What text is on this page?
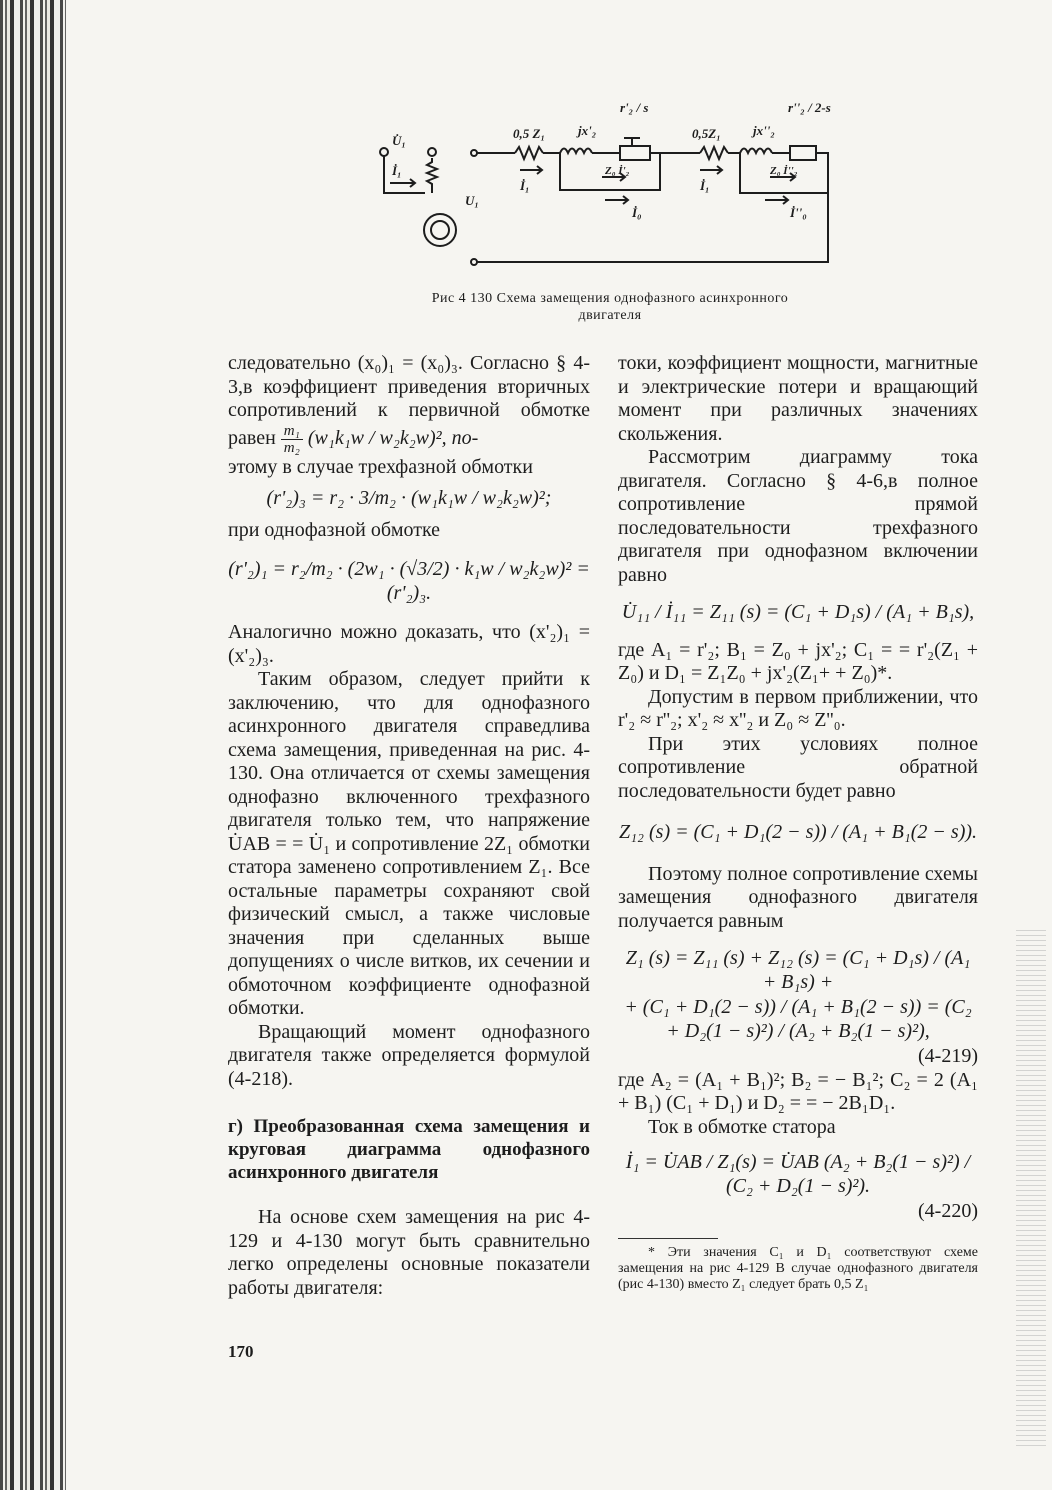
U̇₁
İ₁
U₁
0,5 Z₁	jx'₂
r'₂ / s
Z₀ İ'₂
İ₁
İ₀
0,5Z₁ jx''₂
r''₂ / 2-s
Z₀ İ''₂
İ₁
İ''₀
Рис 4 130 Схема замещения однофазного асинхронного
двигателя

следовательно (x₀)₁ = (x₀)₃. Согласно § 4-3,в коэффициент приведения вторичных сопротивлений к первичной обмотке равен $\frac{\text{m₁}}{\text{m₂}} (w_1k_1w / w_2k_2w)^2$, по-

этому в случае трехфазной обмотки

(r'₂)₃ = r₂ · 3/m₂ · (w₁k₁w / w₂k₂w)²;

при однофазной обмотке

(r'₂)₁ = r₂/m₂ · (2w₁ · (√3/2) · k₁w / w₂k₂w)² = (r'₂)₃.

Аналогично можно доказать, что (x'₂)₁ = (x'₂)₃.

Таким образом, следует прийти к заключению, что для однофазного асинхронного двигателя справедлива схема замещения, приведенная на рис. 4-130. Она отличается от схемы замещения однофазно включенного трехфазного двигателя только тем, что напряжение U̇AB = = U̇₁ и сопротивление 2Z₁ обмотки статора заменено сопротивлением Z₁. Все остальные параметры сохраняют свой физический смысл, а также числовые значения при сделанных выше допущениях о числе витков, их сечении и обмоточном коэффициенте однофазной обмотки.

Вращающий момент однофазного двигателя также определяется формулой (4-218).

г) Преобразованная схема замещения и круговая диаграмма однофазного асинхронного двигателя

На основе схем замещения на рис 4-129 и 4-130 могут быть сравнительно легко определены основные показатели работы двигателя:

токи, коэффициент мощности, магнитные и электрические потери и вращающий момент при различных значениях скольжения.

Рассмотрим диаграмму тока двигателя. Согласно § 4-6,в полное сопротивление прямой последовательности трехфазного двигателя при однофазном включении равно

U̇₁₁ / İ₁₁ = Z₁₁ (s) = (C₁ + D₁s) / (A₁ + B₁s),

где A₁ = r'₂; B₁ = Z₀ + jx'₂; C₁ = = r'₂(Z₁ + Z₀) и D₁ = Z₁Z₀ + jx'₂(Z₁+ + Z₀)*.

Допустим в первом приближении, что r'₂ ≈ r''₂; x'₂ ≈ x''₂ и Z₀ ≈ Z''₀.

При этих условиях полное сопротивление обратной последовательности будет равно

Z₁₂ (s) = (C₁ + D₁(2 − s)) / (A₁ + B₁(2 − s)).

Поэтому полное сопротивление схемы замещения однофазного двигателя получается равным

Z₁ (s) = Z₁₁ (s) + Z₁₂ (s) = (C₁ + D₁s) / (A₁ + B₁s) +
+ (C₁ + D₁(2 − s)) / (A₁ + B₁(2 − s)) = (C₂ + D₂(1 − s)²) / (A₂ + B₂(1 − s)²),
(4-219)

где A₂ = (A₁ + B₁)²; B₂ = − B₁²; C₂ = 2 (A₁ + B₁) (C₁ + D₁) и D₂ = = − 2B₁D₁.

Ток в обмотке статора

İ₁ = U̇AB / Z₁(s) = U̇AB (A₂ + B₂(1 − s)²) / (C₂ + D₂(1 − s)²).
(4-220)
* Эти значения C₁ и D₁ соответствуют схеме замещения на рис 4-129 В случае однофазного двигателя (рис 4-130) вместо Z₁ следует брать 0,5 Z₁
170
